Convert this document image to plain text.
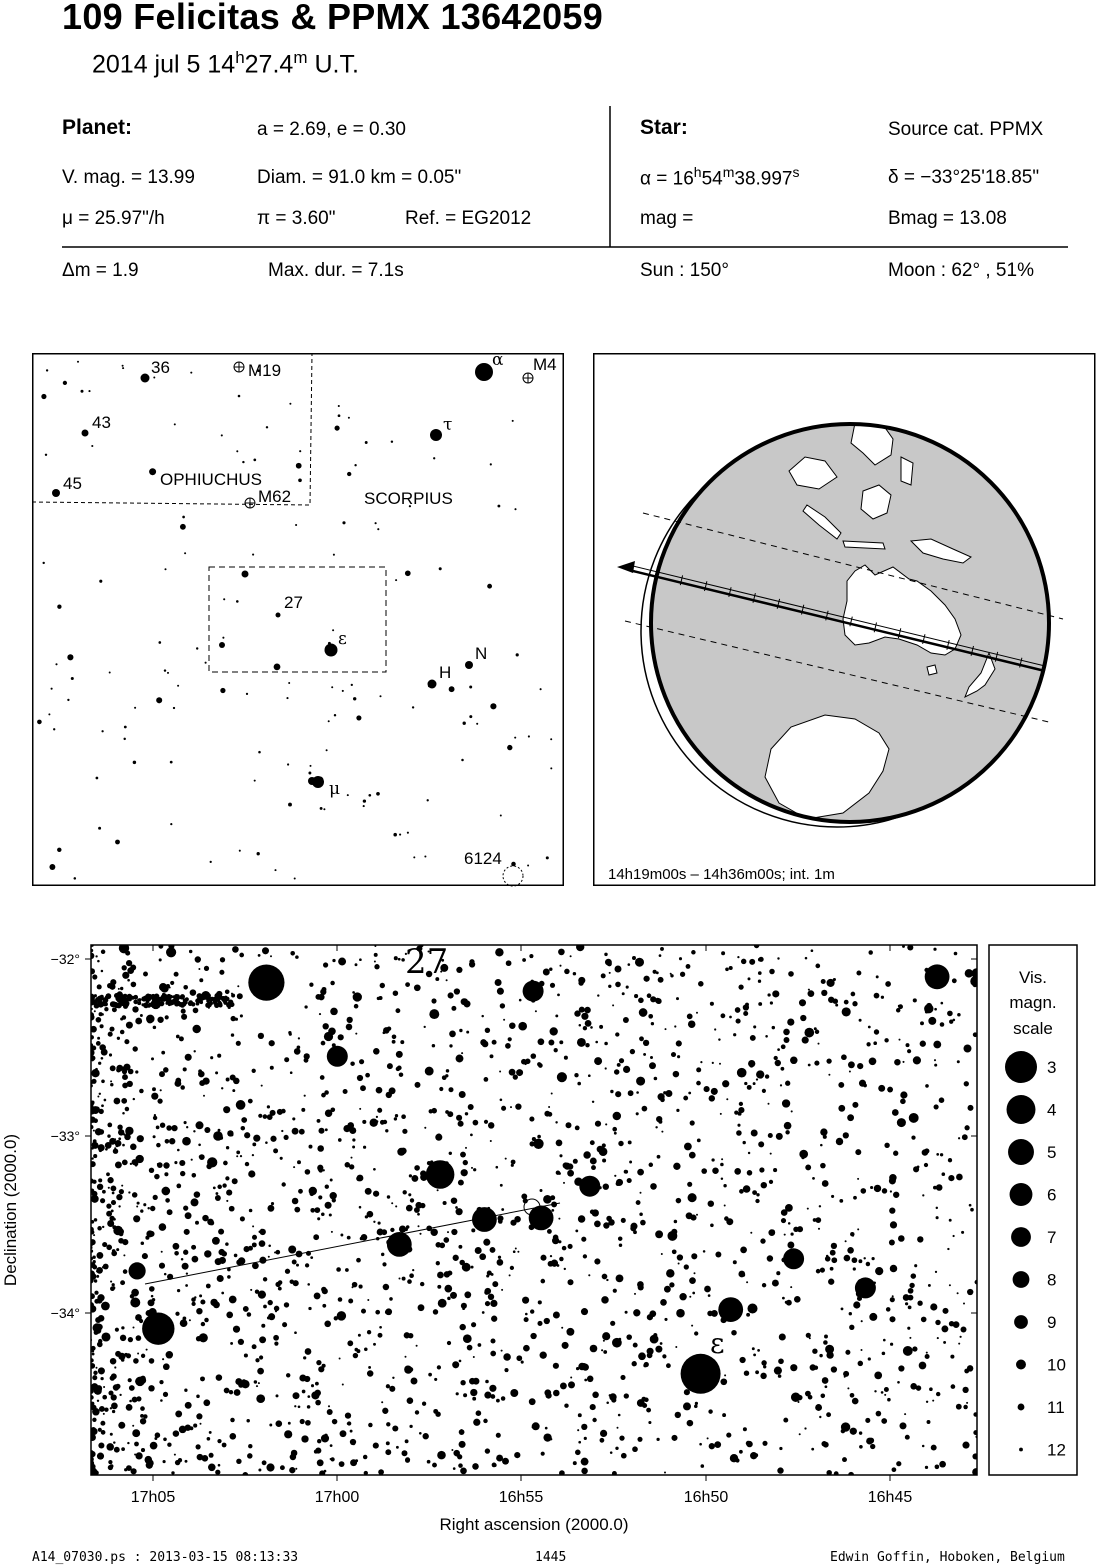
109 Felicitas & PPMX 13642059
2014 jul 5 14$^h$27.4$^m$ U.T.
Planet:	a = 2.69, e = 0.30
V. mag. = 13.99	Diam. = 91.0 km = 0.05"
μ = 25.97"/h	π = 3.60"	Ref. = EG2012
Star:	Source cat. PPMX
$\alpha = 16^h54^m38.997^s$	δ = −33°25'18.85"
mag =	Bmag = 13.08
Δm = 1.9	Max. dur. = 7.1s	Sun : 150°	Moon : 62° , 51%
36	M19
43
45
M62
OPHIUCHUS
SCORPIUS
α M4
τ
27
ε
N
H
μ
6124
14h19m00s – 14h36m00s; int. 1m
27
ε
17h05	17h00	16h55	16h50	16h45
−32°
−33°
−34°
Right ascension (2000.0)
Declination (2000.0)
Vis.
magn.
scale
3
4
5
6
7
8
9
10
11
12
A14_07030.ps : 2013-03-15 08:13:33	1445	Edwin Goffin, Hoboken, Belgium
